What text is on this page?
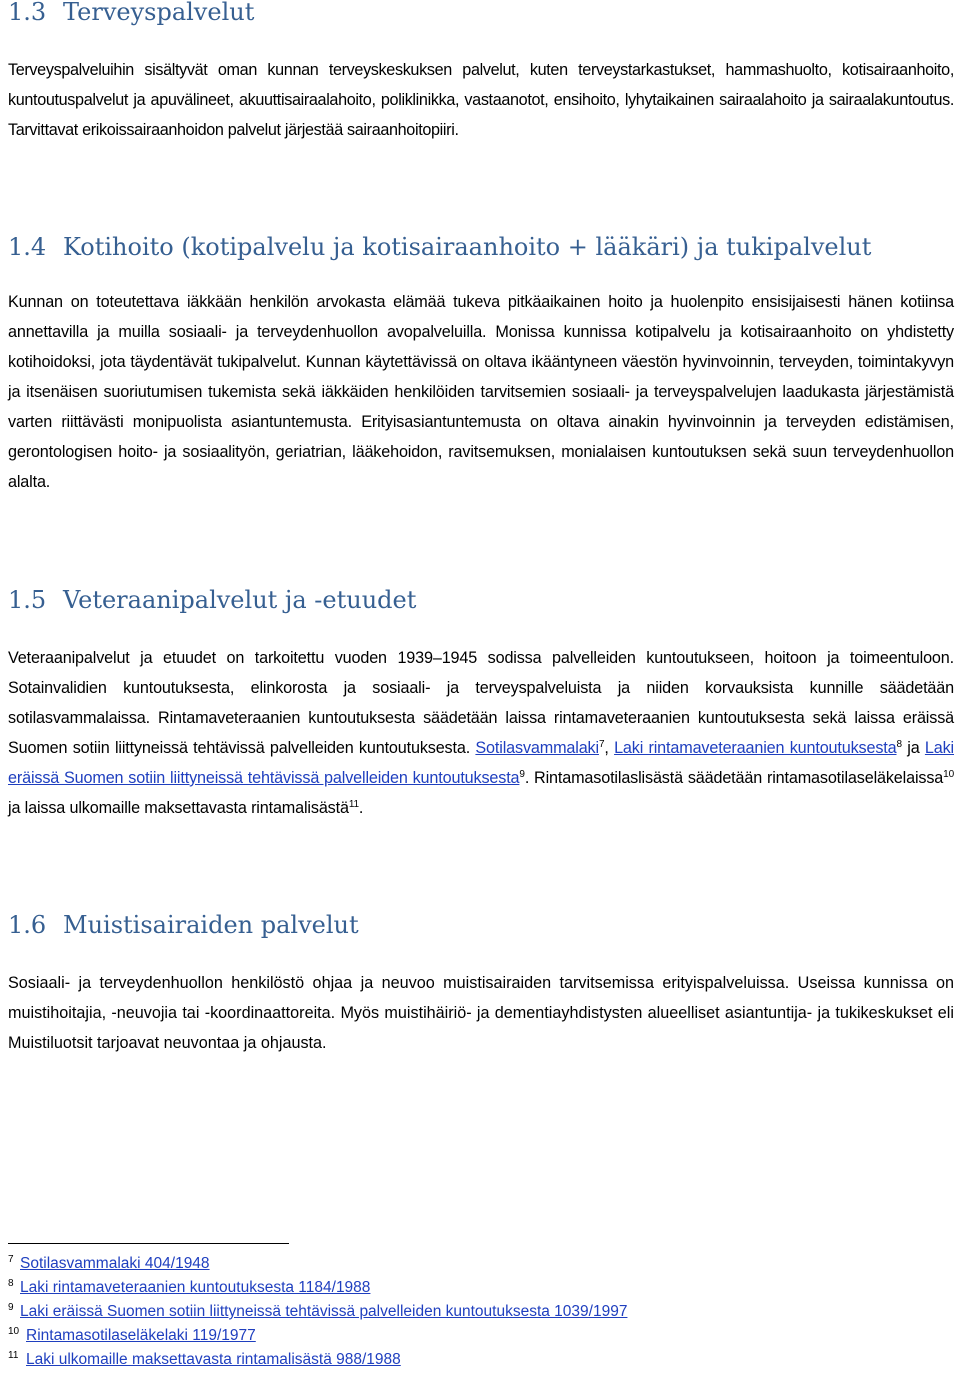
1.3 Terveyspalvelut

Terveyspalveluihin sisältyvät oman kunnan terveyskeskuksen palvelut, kuten terveystarkastukset, hammashuolto, kotisairaanhoito, kuntoutuspalvelut ja apuvälineet, akuuttisairaalahoito, poliklinikka, vastaanotot, ensihoito, lyhytaikainen sairaalahoito ja sairaalakuntoutus. Tarvittavat erikoissairaanhoidon palvelut järjestää sairaanhoitopiiri.

1.4 Kotihoito (kotipalvelu ja kotisairaanhoito + lääkäri) ja tukipalvelut

Kunnan on toteutettava iäkkään henkilön arvokasta elämää tukeva pitkäaikainen hoito ja huolenpito ensisijaisesti hänen kotiinsa annettavilla ja muilla sosiaali- ja terveydenhuollon avopalveluilla. Monissa kunnissa kotipalvelu ja kotisairaanhoito on yhdistetty kotihoidoksi, jota täydentävät tukipalvelut. Kunnan käytettävissä on oltava ikääntyneen väestön hyvinvoinnin, terveyden, toimintakyvyn ja itsenäisen suoriutumisen tukemista sekä iäkkäiden henkilöiden tarvitsemien sosiaali- ja terveyspalvelujen laadukasta järjestämistä varten riittävästi monipuolista asiantuntemusta. Erityisasiantuntemusta on oltava ainakin hyvinvoinnin ja terveyden edistämisen, gerontologisen hoito- ja sosiaalityön, geriatrian, lääkehoidon, ravitsemuksen, monialaisen kuntoutuksen sekä suun terveydenhuollon alalta.

1.5 Veteraanipalvelut ja -etuudet

Veteraanipalvelut ja etuudet on tarkoitettu vuoden 1939–1945 sodissa palvelleiden kuntoutukseen, hoitoon ja toimeentuloon. Sotainvalidien kuntoutuksesta, elinkorosta ja sosiaali- ja terveyspalveluista ja niiden korvauksista kunnille säädetään sotilasvammalaissa. Rintamaveteraanien kuntoutuksesta säädetään laissa rintamaveteraanien kuntoutuksesta sekä laissa eräissä Suomen sotiin liittyneissä tehtävissä palvelleiden kuntoutuksesta. Sotilasvammalaki$^7$, Laki rintamaveteraanien kuntoutuksesta$^8$ ja Laki eräissä Suomen sotiin liittyneissä tehtävissä palvelleiden kuntoutuksesta$^9$. Rintamasotilaslisästä säädetään rintamasotilaseläkelaissa$^{10}$ ja laissa ulkomaille maksettavasta rintamalisästä$^{11}$.

1.6 Muistisairaiden palvelut

Sosiaali- ja terveydenhuollon henkilöstö ohjaa ja neuvoo muistisairaiden tarvitsemissa erityispalveluissa. Useissa kunnissa on muistihoitajia, -neuvojia tai -koordinaattoreita. Myös muistihäiriö- ja dementiayhdistysten alueelliset asiantuntija- ja tukikeskukset eli Muistiluotsit tarjoavat neuvontaa ja ohjausta.

7 Sotilasvammalaki 404/1948
8 Laki rintamaveteraanien kuntoutuksesta 1184/1988
9 Laki eräissä Suomen sotiin liittyneissä tehtävissä palvelleiden kuntoutuksesta 1039/1997
10 Rintamasotilaseläkelaki 119/1977
11 Laki ulkomaille maksettavasta rintamalisästä 988/1988
